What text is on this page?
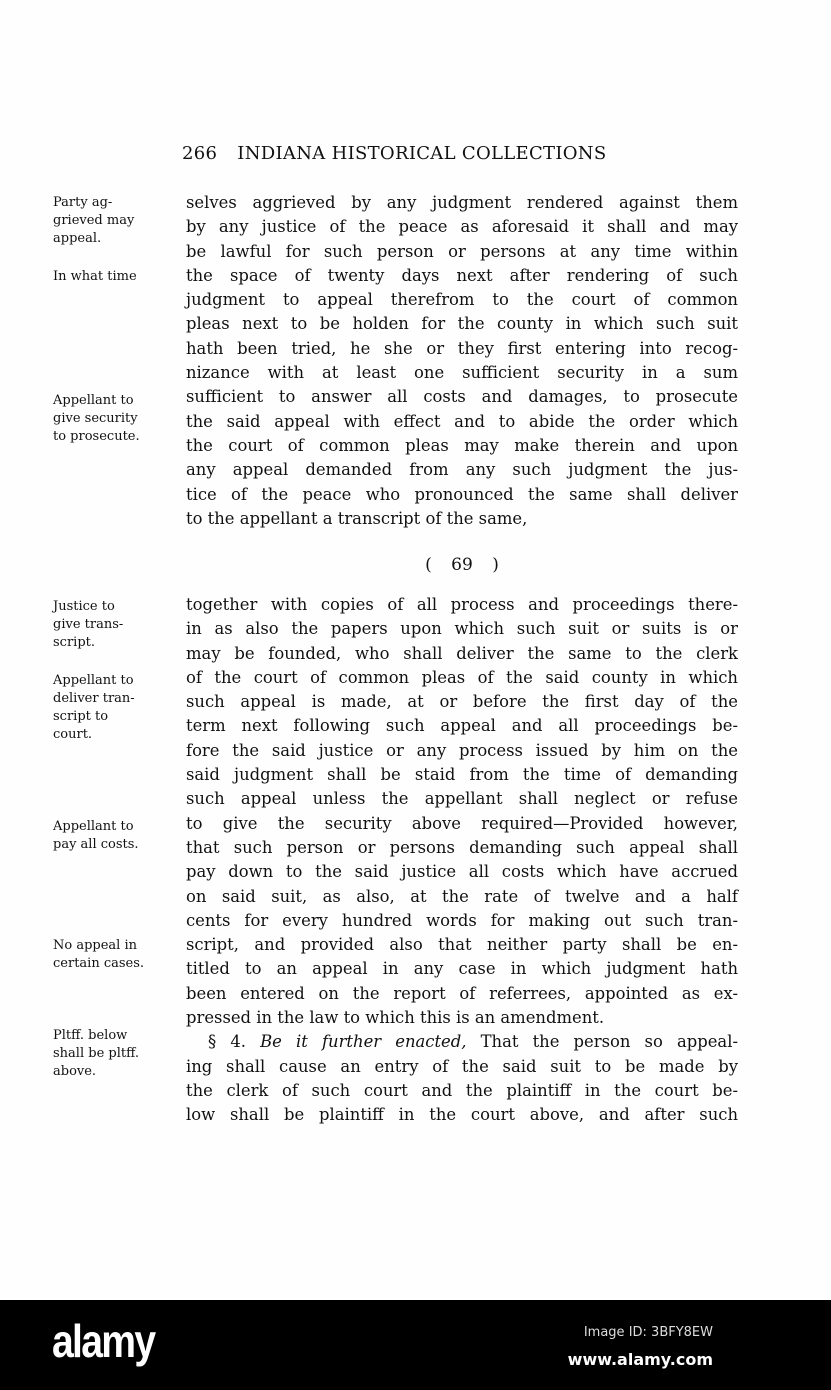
266 INDIANA HISTORICAL COLLECTIONS
selves aggrieved by any judgment rendered against them
by any justice of the peace as aforesaid it shall and may
be lawful for such person or persons at any time within
the space of twenty days next after rendering of such
judgment to appeal therefrom to the court of common
pleas next to be holden for the county in which such suit
hath been tried, he she or they first entering into recog-
nizance with at least one sufficient security in a sum
sufficient to answer all costs and damages, to prosecute
the said appeal with effect and to abide the order which
the court of common pleas may make therein and upon
any appeal demanded from any such judgment the jus-
tice of the peace who pronounced the same shall deliver
to the appellant a transcript of the same,
( 69 )
together with copies of all process and proceedings there-
in as also the papers upon which such suit or suits is or
may be founded, who shall deliver the same to the clerk
of the court of common pleas of the said county in which
such appeal is made, at or before the first day of the
term next following such appeal and all proceedings be-
fore the said justice or any process issued by him on the
said judgment shall be staid from the time of demanding
such appeal unless the appellant shall neglect or refuse
to give the security above required—Provided however,
that such person or persons demanding such appeal shall
pay down to the said justice all costs which have accrued
on said suit, as also, at the rate of twelve and a half
cents for every hundred words for making out such tran-
script, and provided also that neither party shall be en-
titled to an appeal in any case in which judgment hath
been entered on the report of referrees, appointed as ex-
pressed in the law to which this is an amendment.
§ 4. Be it further enacted, That the person so appeal-
ing shall cause an entry of the said suit to be made by
the clerk of such court and the plaintiff in the court be-
low shall be plaintiff in the court above, and after such
Party ag-
grieved may
appeal.
In what time
Appellant to
give security
to prosecute.
Justice to
give trans-
script.
Appellant to
deliver tran-
script to
court.
Appellant to
pay all costs.
No appeal in
certain cases.
Pltff. below
shall be pltff.
above.
alamy	Image ID: 3BFY8EW
www.alamy.com
